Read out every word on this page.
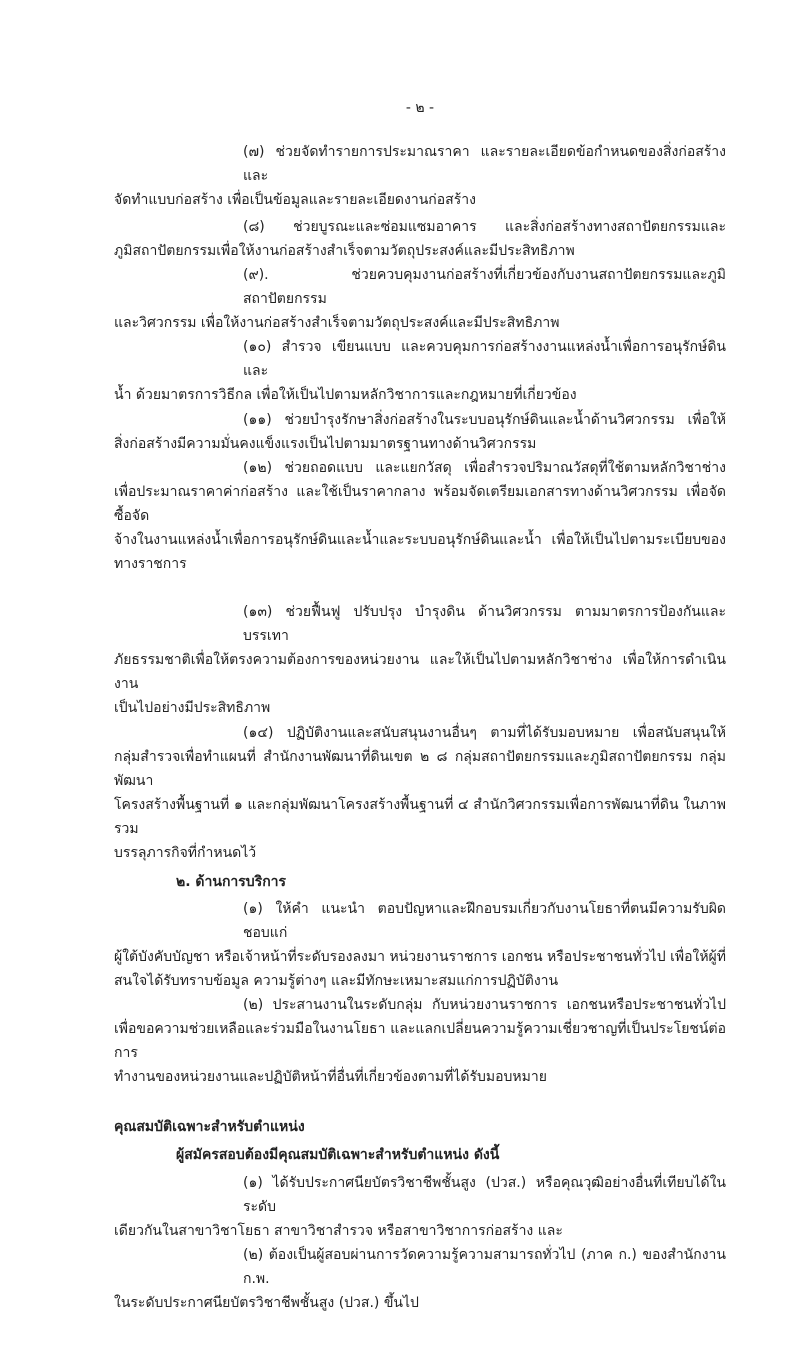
- ๒ -
(๗) ช่วยจัดทำรายการประมาณราคา และรายละเอียดข้อกำหนดของสิ่งก่อสร้าง และ
จัดทำแบบก่อสร้าง เพื่อเป็นข้อมูลและรายละเอียดงานก่อสร้าง
(๘) ช่วยบูรณะและซ่อมแซมอาคาร และสิ่งก่อสร้างทางสถาปัตยกรรมและ
ภูมิสถาปัตยกรรมเพื่อให้งานก่อสร้างสำเร็จตามวัตถุประสงค์และมีประสิทธิภาพ
(๙). ช่วยควบคุมงานก่อสร้างที่เกี่ยวข้องกับงานสถาปัตยกรรมและภูมิสถาปัตยกรรม
และวิศวกรรม เพื่อให้งานก่อสร้างสำเร็จตามวัตถุประสงค์และมีประสิทธิภาพ
(๑๐) สำรวจ เขียนแบบ และควบคุมการก่อสร้างงานแหล่งน้ำเพื่อการอนุรักษ์ดินและ
น้ำ ด้วยมาตรการวิธีกล เพื่อให้เป็นไปตามหลักวิชาการและกฎหมายที่เกี่ยวข้อง
(๑๑) ช่วยบำรุงรักษาสิ่งก่อสร้างในระบบอนุรักษ์ดินและน้ำด้านวิศวกรรม เพื่อให้
สิ่งก่อสร้างมีความมั่นคงแข็งแรงเป็นไปตามมาตรฐานทางด้านวิศวกรรม
(๑๒) ช่วยถอดแบบ และแยกวัสดุ เพื่อสำรวจปริมาณวัสดุที่ใช้ตามหลักวิชาช่าง
เพื่อประมาณราคาค่าก่อสร้าง และใช้เป็นราคากลาง พร้อมจัดเตรียมเอกสารทางด้านวิศวกรรม เพื่อจัดซื้อจัด
จ้างในงานแหล่งน้ำเพื่อการอนุรักษ์ดินและน้ำและระบบอนุรักษ์ดินและน้ำ เพื่อให้เป็นไปตามระเบียบของ
ทางราชการ
(๑๓) ช่วยฟื้นฟู ปรับปรุง บำรุงดิน ด้านวิศวกรรม ตามมาตรการป้องกันและบรรเทา
ภัยธรรมชาติเพื่อให้ตรงความต้องการของหน่วยงาน และให้เป็นไปตามหลักวิชาช่าง เพื่อให้การดำเนินงาน
เป็นไปอย่างมีประสิทธิภาพ
(๑๔) ปฏิบัติงานและสนับสนุนงานอื่นๆ ตามที่ได้รับมอบหมาย เพื่อสนับสนุนให้
กลุ่มสำรวจเพื่อทำแผนที่ สำนักงานพัฒนาที่ดินเขต ๒ ๘ กลุ่มสถาปัตยกรรมและภูมิสถาปัตยกรรม กลุ่มพัฒนา
โครงสร้างพื้นฐานที่ ๑ และกลุ่มพัฒนาโครงสร้างพื้นฐานที่ ๔ สำนักวิศวกรรมเพื่อการพัฒนาที่ดิน ในภาพรวม
บรรลุภารกิจที่กำหนดไว้
๒. ด้านการบริการ
(๑) ให้คำ แนะนำ ตอบปัญหาและฝึกอบรมเกี่ยวกับงานโยธาที่ตนมีความรับผิดชอบแก่
ผู้ใต้บังคับบัญชา หรือเจ้าหน้าที่ระดับรองลงมา หน่วยงานราชการ เอกชน หรือประชาชนทั่วไป เพื่อให้ผู้ที่
สนใจได้รับทราบข้อมูล ความรู้ต่างๆ และมีทักษะเหมาะสมแก่การปฏิบัติงาน
(๒) ประสานงานในระดับกลุ่ม กับหน่วยงานราชการ เอกชนหรือประชาชนทั่วไป
เพื่อขอความช่วยเหลือและร่วมมือในงานโยธา และแลกเปลี่ยนความรู้ความเชี่ยวชาญที่เป็นประโยชน์ต่อการ
ทำงานของหน่วยงานและปฏิบัติหน้าที่อื่นที่เกี่ยวข้องตามที่ได้รับมอบหมาย
คุณสมบัติเฉพาะสำหรับตำแหน่ง
ผู้สมัครสอบต้องมีคุณสมบัติเฉพาะสำหรับตำแหน่ง ดังนี้
(๑) ได้รับประกาศนียบัตรวิชาชีพชั้นสูง (ปวส.) หรือคุณวุฒิอย่างอื่นที่เทียบได้ในระดับ
เดียวกันในสาขาวิชาโยธา สาขาวิชาสำรวจ หรือสาขาวิชาการก่อสร้าง และ
(๒) ต้องเป็นผู้สอบผ่านการวัดความรู้ความสามารถทั่วไป (ภาค ก.) ของสำนักงาน ก.พ.
ในระดับประกาศนียบัตรวิชาชีพชั้นสูง (ปวส.) ขึ้นไป
